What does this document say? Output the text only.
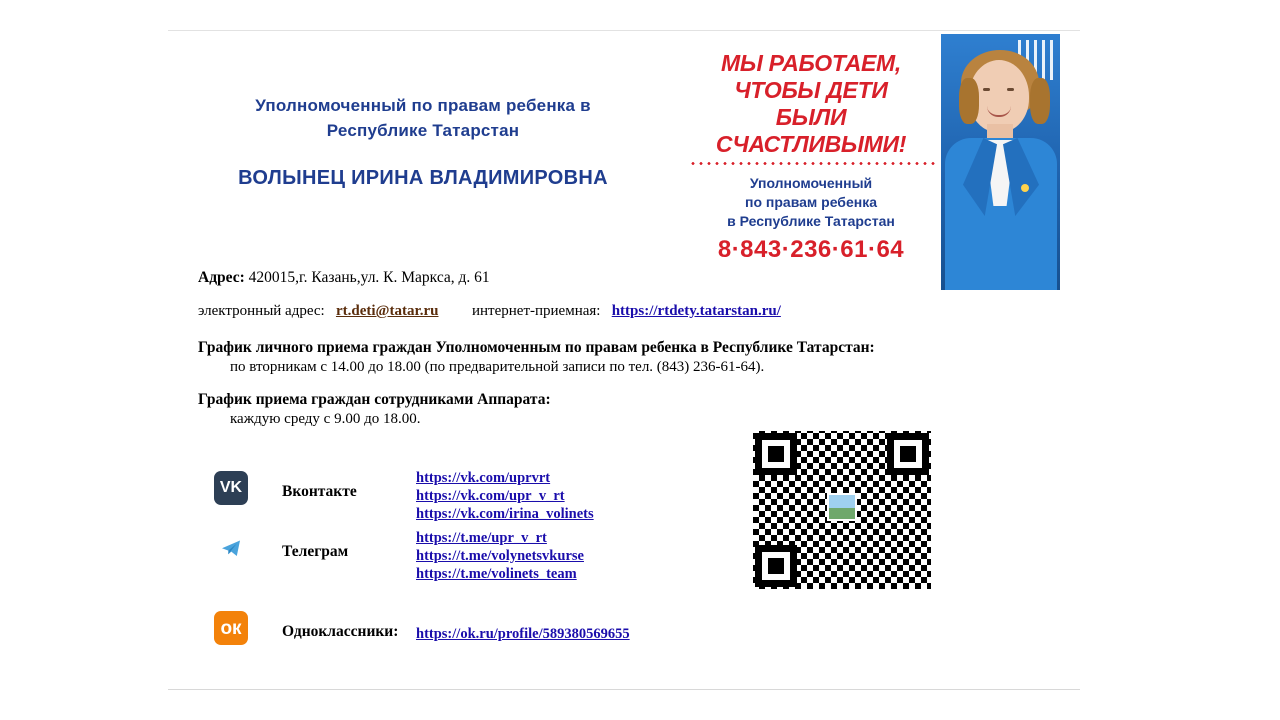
Уполномоченный по правам ребенка в
Республике Татарстан
ВОЛЫНЕЦ ИРИНА ВЛАДИМИРОВНА
МЫ РАБОТАЕМ,
ЧТОБЫ ДЕТИ
БЫЛИ
СЧАСТЛИВЫМИ!
Уполномоченный
по правам ребенка
в Республике Татарстан
8·843·236·61·64
Адрес: 420015,г. Казань,ул. К. Маркса, д. 61
электронный адрес: rt.deti@tatar.ru интернет-приемная: https://rtdety.tatarstan.ru/
График личного приема граждан Уполномоченным по правам ребенка в Республике Татарстан:
по вторникам с 14.00 до 18.00 (по предварительной записи по тел. (843) 236-61-64).
График приема граждан сотрудниками Аппарата:
каждую среду с 9.00 до 18.00.
VK	Вконтакте
https://vk.com/uprvrt
https://vk.com/upr_v_rt
https://vk.com/irina_volinets
Телеграм
https://t.me/upr_v_rt
https://t.me/volynetsvkurse
https://t.me/volinets_team
ок	Одноклассники: https://ok.ru/profile/589380569655
